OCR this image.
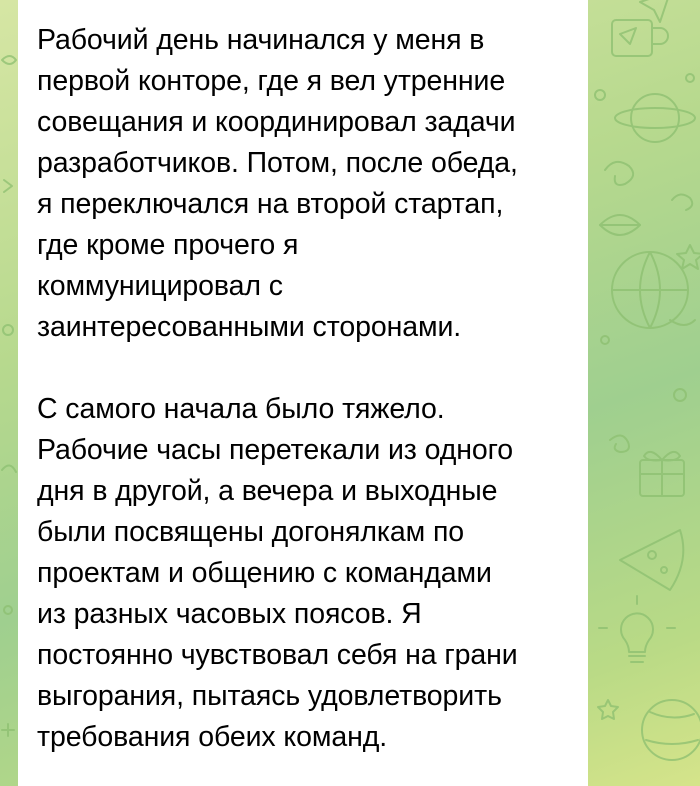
Рабочий день начинался у меня в
первой конторе, где я вел утренние
совещания и координировал задачи
разработчиков. Потом, после обеда,
я переключался на второй стартап,
где кроме прочего я
коммуницировал с
заинтересованными сторонами.

С самого начала было тяжело.
Рабочие часы перетекали из одного
дня в другой, а вечера и выходные
были посвящены догонялкам по
проектам и общению с командами
из разных часовых поясов. Я
постоянно чувствовал себя на грани
выгорания, пытаясь удовлетворить
требования обеих команд.
